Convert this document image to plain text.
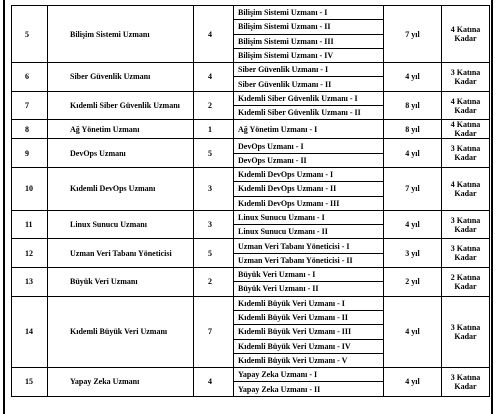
5	Bilişim Sistemi Uzmanı	4	Bilişim Sistemi Uzmanı - I	7 yıl	4 Katına
Kadar

			Bilişim Sistemi Uzmanı - II		
			Bilişim Sistemi Uzmanı - III		
			Bilişim Sistemi Uzmanı - IV		
6	Siber Güvenlik Uzmanı	4	Siber Güvenlik Uzmanı - I	4 yıl	3 Katına
Kadar

			Siber Güvenlik Uzmanı - II		
7	Kıdemli Siber Güvenlik Uzmanı	2	Kıdemli Siber Güvenlik Uzmanı - I	8 yıl	4 Katına
Kadar

			Kıdemli Siber Güvenlik Uzmanı - II		
8	Ağ Yönetim Uzmanı	1	Ağ Yönetim Uzmanı - I	8 yıl	4 Katına
Kadar

9	DevOps Uzmanı	5	DevOps Uzmanı - I	4 yıl	3 Katına
Kadar

			DevOps Uzmanı - II		
10	Kıdemli DevOps Uzmanı	3	Kıdemli DevOps Uzmanı - I	7 yıl	4 Katına
Kadar

			Kıdemli DevOps Uzmanı - II		
			Kıdemli DevOps Uzmanı - III		
11	Linux Sunucu Uzmanı	3	Linux Sunucu Uzmanı - I	4 yıl	3 Katına
Kadar

			Linux Sunucu Uzmanı - II		
12	Uzman Veri Tabanı Yöneticisi	5	Uzman Veri Tabanı Yöneticisi - I	3 yıl	3 Katına
Kadar

			Uzman Veri Tabanı Yöneticisi - II		
13	Büyük Veri Uzmanı	2	Büyük Veri Uzmanı - I	2 yıl	2 Katına
Kadar

			Büyük Veri Uzmanı - II		
14	Kıdemli Büyük Veri Uzmanı	7	Kıdemli Büyük Veri Uzmanı - I	4 yıl	3 Katına
Kadar

			Kıdemli Büyük Veri Uzmanı - II		
			Kıdemli Büyük Veri Uzmanı - III		
			Kıdemli Büyük Veri Uzmanı - IV		
			Kıdemli Büyük Veri Uzmanı - V		
15	Yapay Zeka Uzmanı	4	Yapay Zeka Uzmanı - I	4 yıl	3 Katına
Kadar

			Yapay Zeka Uzmanı - II		
